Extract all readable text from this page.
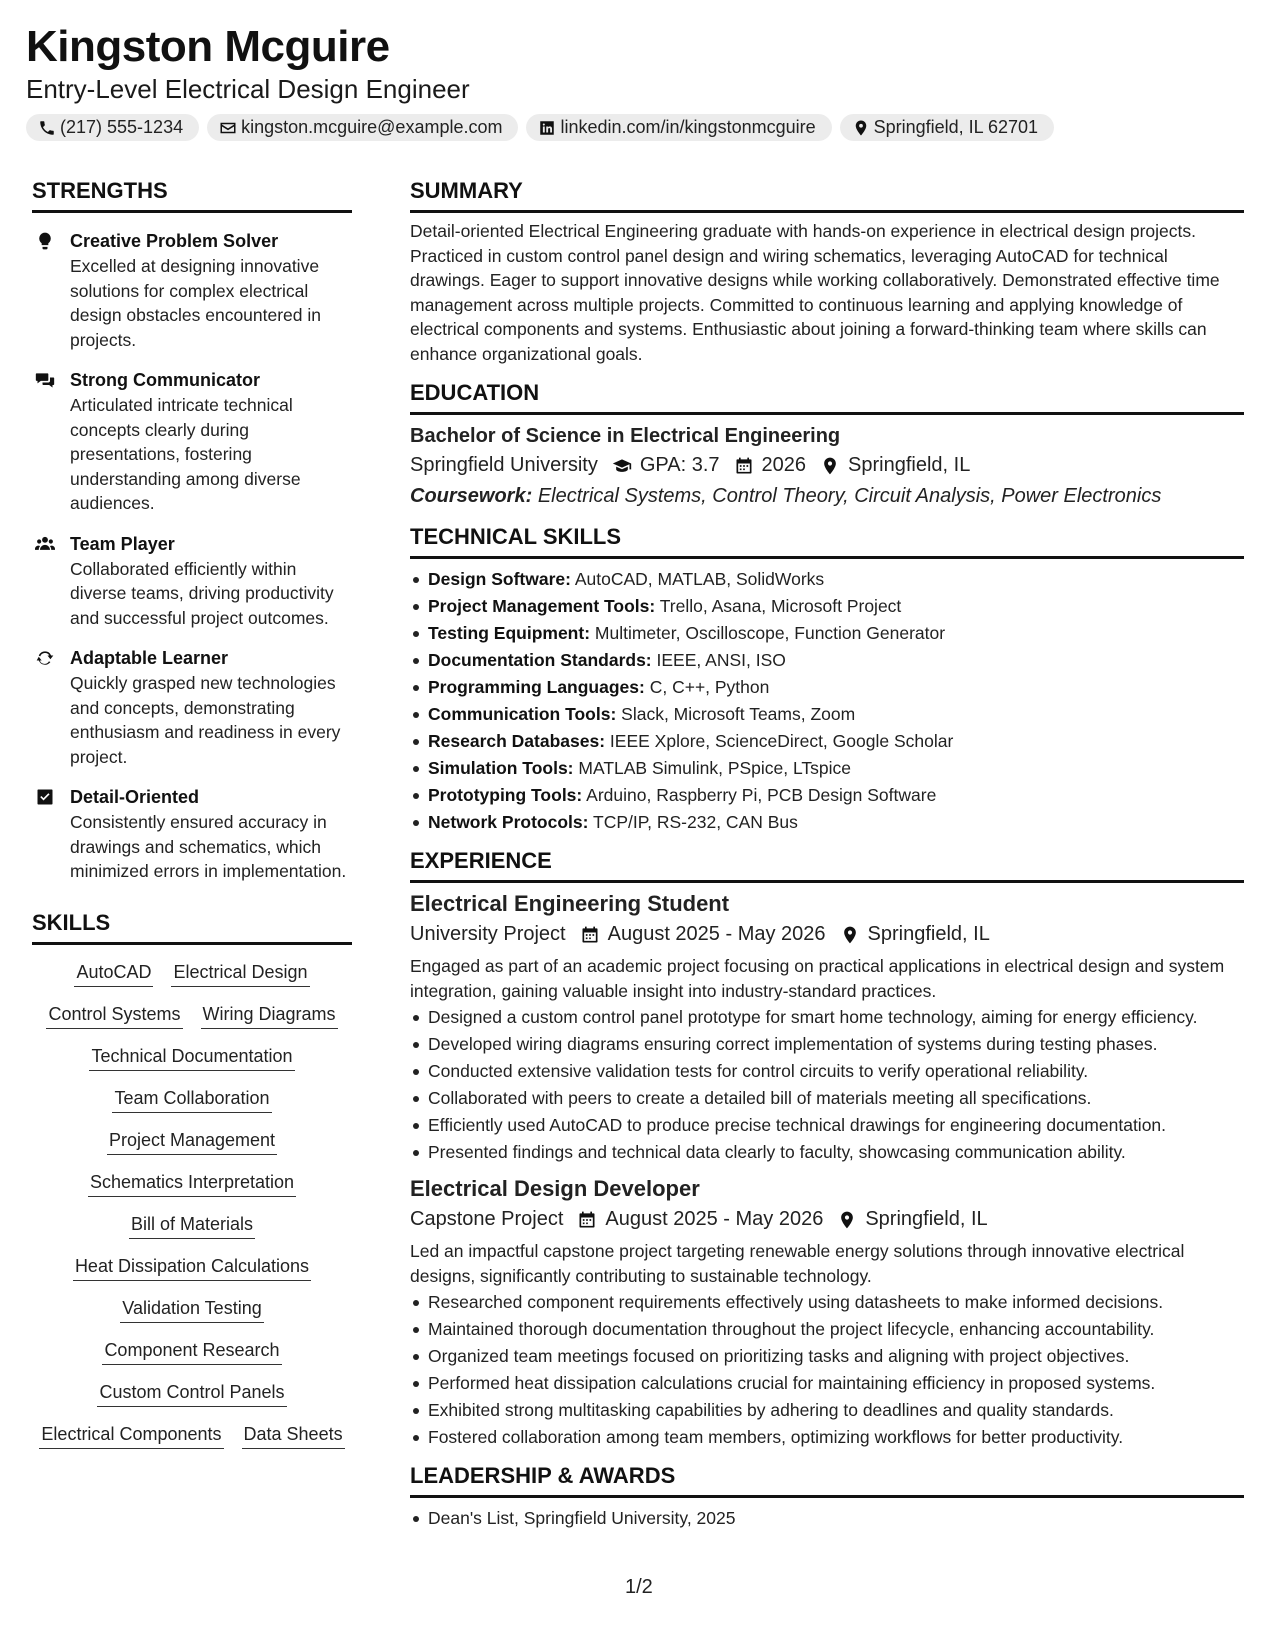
Kingston Mcguire
Entry-Level Electrical Design Engineer
(217) 555-1234	kingston.mcguire@example.com	linkedin.com/in/kingstonmcguire	Springfield, IL 62701
STRENGTHS
Creative Problem Solver
Excelled at designing innovative solutions for complex electrical design obstacles encountered in projects.
Strong Communicator
Articulated intricate technical concepts clearly during presentations, fostering understanding among diverse audiences.
Team Player
Collaborated efficiently within diverse teams, driving productivity and successful project outcomes.
Adaptable Learner
Quickly grasped new technologies and concepts, demonstrating enthusiasm and readiness in every project.
Detail-Oriented
Consistently ensured accuracy in drawings and schematics, which minimized errors in implementation.
SKILLS
AutoCAD Electrical Design
Control Systems Wiring Diagrams
Technical Documentation
Team Collaboration
Project Management
Schematics Interpretation
Bill of Materials
Heat Dissipation Calculations
Validation Testing
Component Research
Custom Control Panels
Electrical Components Data Sheets
SUMMARY
Detail-oriented Electrical Engineering graduate with hands-on experience in electrical design projects. Practiced in custom control panel design and wiring schematics, leveraging AutoCAD for technical drawings. Eager to support innovative designs while working collaboratively. Demonstrated effective time management across multiple projects. Committed to continuous learning and applying knowledge of electrical components and systems. Enthusiastic about joining a forward-thinking team where skills can enhance organizational goals.
EDUCATION
Bachelor of Science in Electrical Engineering
Springfield University GPA: 3.7 2026 Springfield, IL
Coursework: Electrical Systems, Control Theory, Circuit Analysis, Power Electronics
TECHNICAL SKILLS
Design Software: AutoCAD, MATLAB, SolidWorks
Project Management Tools: Trello, Asana, Microsoft Project
Testing Equipment: Multimeter, Oscilloscope, Function Generator
Documentation Standards: IEEE, ANSI, ISO
Programming Languages: C, C++, Python
Communication Tools: Slack, Microsoft Teams, Zoom
Research Databases: IEEE Xplore, ScienceDirect, Google Scholar
Simulation Tools: MATLAB Simulink, PSpice, LTspice
Prototyping Tools: Arduino, Raspberry Pi, PCB Design Software
Network Protocols: TCP/IP, RS-232, CAN Bus
EXPERIENCE
Electrical Engineering Student
University Project August 2025 - May 2026 Springfield, IL
Engaged as part of an academic project focusing on practical applications in electrical design and system integration, gaining valuable insight into industry-standard practices.
Designed a custom control panel prototype for smart home technology, aiming for energy efficiency.
Developed wiring diagrams ensuring correct implementation of systems during testing phases.
Conducted extensive validation tests for control circuits to verify operational reliability.
Collaborated with peers to create a detailed bill of materials meeting all specifications.
Efficiently used AutoCAD to produce precise technical drawings for engineering documentation.
Presented findings and technical data clearly to faculty, showcasing communication ability.
Electrical Design Developer
Capstone Project August 2025 - May 2026 Springfield, IL
Led an impactful capstone project targeting renewable energy solutions through innovative electrical designs, significantly contributing to sustainable technology.
Researched component requirements effectively using datasheets to make informed decisions.
Maintained thorough documentation throughout the project lifecycle, enhancing accountability.
Organized team meetings focused on prioritizing tasks and aligning with project objectives.
Performed heat dissipation calculations crucial for maintaining efficiency in proposed systems.
Exhibited strong multitasking capabilities by adhering to deadlines and quality standards.
Fostered collaboration among team members, optimizing workflows for better productivity.
LEADERSHIP & AWARDS
Dean's List, Springfield University, 2025
1/2
